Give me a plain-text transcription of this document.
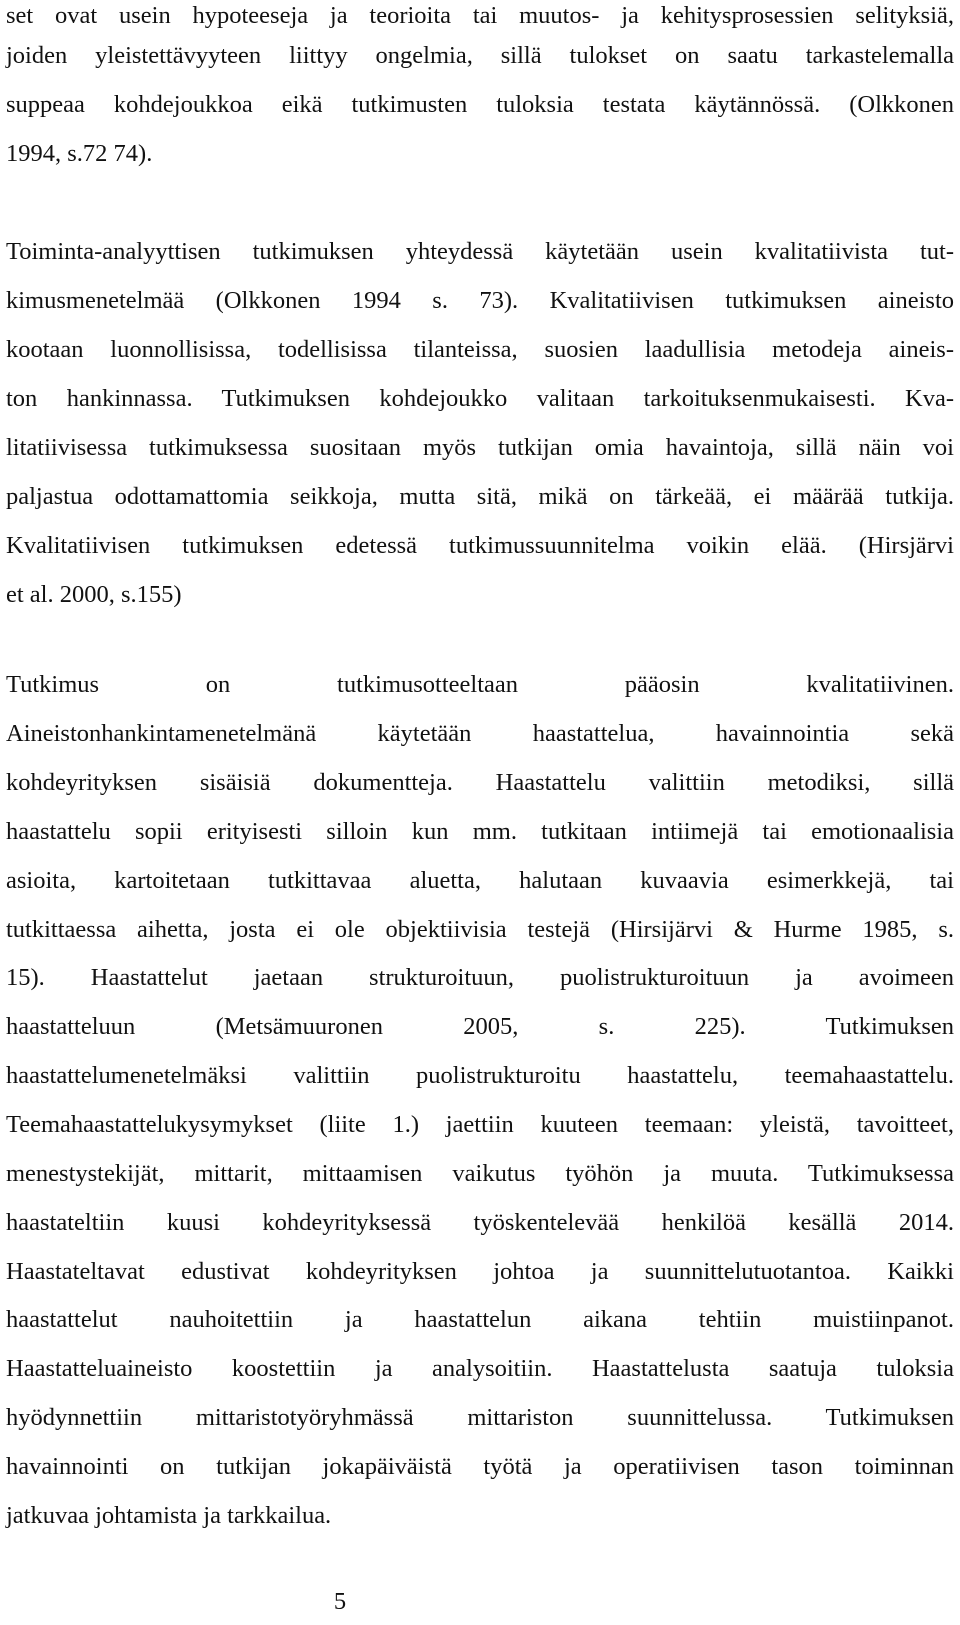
set ovat usein hypoteeseja ja teorioita tai muutos- ja kehitysprosessien selityksiä,
joiden yleistettävyyteen liittyy ongelmia, sillä tulokset on saatu tarkastelemalla
suppeaa kohdejoukkoa eikä tutkimusten tuloksia testata käytännössä. (Olkkonen
1994, s.72 74).
Toiminta-analyyttisen tutkimuksen yhteydessä käytetään usein kvalitatiivista tut-
kimusmenetelmää (Olkkonen 1994 s. 73). Kvalitatiivisen tutkimuksen aineisto
kootaan luonnollisissa, todellisissa tilanteissa, suosien laadullisia metodeja aineis-
ton hankinnassa. Tutkimuksen kohdejoukko valitaan tarkoituksenmukaisesti. Kva-
litatiivisessa tutkimuksessa suositaan myös tutkijan omia havaintoja, sillä näin voi
paljastua odottamattomia seikkoja, mutta sitä, mikä on tärkeää, ei määrää tutkija.
Kvalitatiivisen tutkimuksen edetessä tutkimussuunnitelma voikin elää. (Hirsjärvi
et al. 2000, s.155)
Tutkimus on tutkimusotteeltaan pääosin kvalitatiivinen.
Aineistonhankintamenetelmänä käytetään haastattelua, havainnointia sekä
kohdeyrityksen sisäisiä dokumentteja. Haastattelu valittiin metodiksi, sillä
haastattelu sopii erityisesti silloin kun mm. tutkitaan intiimejä tai emotionaalisia
asioita, kartoitetaan tutkittavaa aluetta, halutaan kuvaavia esimerkkejä, tai
tutkittaessa aihetta, josta ei ole objektiivisia testejä (Hirsijärvi & Hurme 1985, s.
15). Haastattelut jaetaan strukturoituun, puolistrukturoituun ja avoimeen
haastatteluun (Metsämuuronen 2005, s. 225). Tutkimuksen
haastattelumenetelmäksi valittiin puolistrukturoitu haastattelu, teemahaastattelu.
Teemahaastattelukysymykset (liite 1.) jaettiin kuuteen teemaan: yleistä, tavoitteet,
menestystekijät, mittarit, mittaamisen vaikutus työhön ja muuta. Tutkimuksessa
haastateltiin kuusi kohdeyrityksessä työskentelevää henkilöä kesällä 2014.
Haastateltavat edustivat kohdeyrityksen johtoa ja suunnittelutuotantoa. Kaikki
haastattelut nauhoitettiin ja haastattelun aikana tehtiin muistiinpanot.
Haastatteluaineisto koostettiin ja analysoitiin. Haastattelusta saatuja tuloksia
hyödynnettiin mittaristotyöryhmässä mittariston suunnittelussa. Tutkimuksen
havainnointi on tutkijan jokapäiväistä työtä ja operatiivisen tason toiminnan
jatkuvaa johtamista ja tarkkailua.
5
